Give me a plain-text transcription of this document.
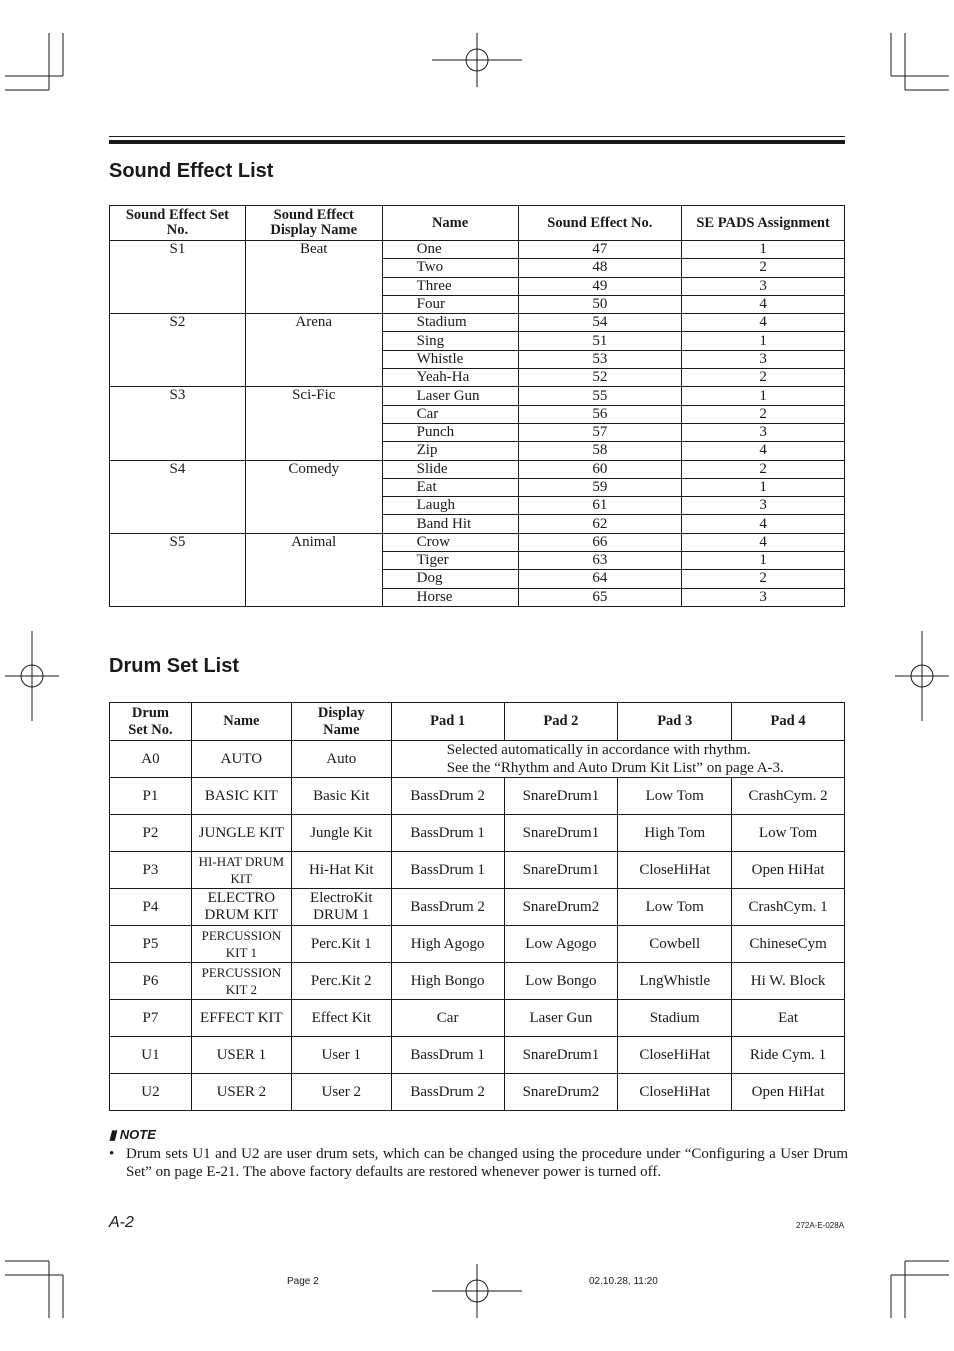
Sound Effect List
Sound Effect Set No.	Sound Effect Display Name	Name	Sound Effect No.	SE PADS Assignment
S1	Beat	One	47	1
		Two	48	2
		Three	49	3
		Four	50	4
S2	Arena	Stadium	54	4
		Sing	51	1
		Whistle	53	3
		Yeah-Ha	52	2
S3	Sci-Fic	Laser Gun	55	1
		Car	56	2
		Punch	57	3
		Zip	58	4
S4	Comedy	Slide	60	2
		Eat	59	1
		Laugh	61	3
		Band Hit	62	4
S5	Animal	Crow	66	4
		Tiger	63	1
		Dog	64	2
		Horse	65	3
Drum Set List
Drum Set No.	Name	Display Name	Pad 1	Pad 2	Pad 3	Pad 4
A0	AUTO	Auto	Selected automatically in accordance with rhythm.
See the “Rhythm and Auto Drum Kit List” on page A-3.			

P1	BASIC KIT	Basic Kit	BassDrum 2	SnareDrum1	Low Tom	CrashCym. 2
P2	JUNGLE KIT	Jungle Kit	BassDrum 1	SnareDrum1	High Tom	Low Tom
P3	HI-HAT DRUM KIT	Hi-Hat Kit	BassDrum 1	SnareDrum1	CloseHiHat	Open HiHat
P4	ELECTRO DRUM KIT	ElectroKit DRUM 1	BassDrum 2	SnareDrum2	Low Tom	CrashCym. 1
P5	PERCUSSION KIT 1	Perc.Kit 1	High Agogo	Low Agogo	Cowbell	ChineseCym
P6	PERCUSSION KIT 2	Perc.Kit 2	High Bongo	Low Bongo	LngWhistle	Hi W. Block
P7	EFFECT KIT	Effect Kit	Car	Laser Gun	Stadium	Eat
U1	USER 1	User 1	BassDrum 1	SnareDrum1	CloseHiHat	Ride Cym. 1
U2	USER 2	User 2	BassDrum 2	SnareDrum2	CloseHiHat	Open HiHat
▮ NOTE
• Drum sets U1 and U2 are user drum sets, which can be changed using the procedure under “Configuring a User Drum Set” on page E-21. The above factory defaults are restored whenever power is turned off.
A-2	272A-E-028A
Page 2	02.10.28, 11:20
